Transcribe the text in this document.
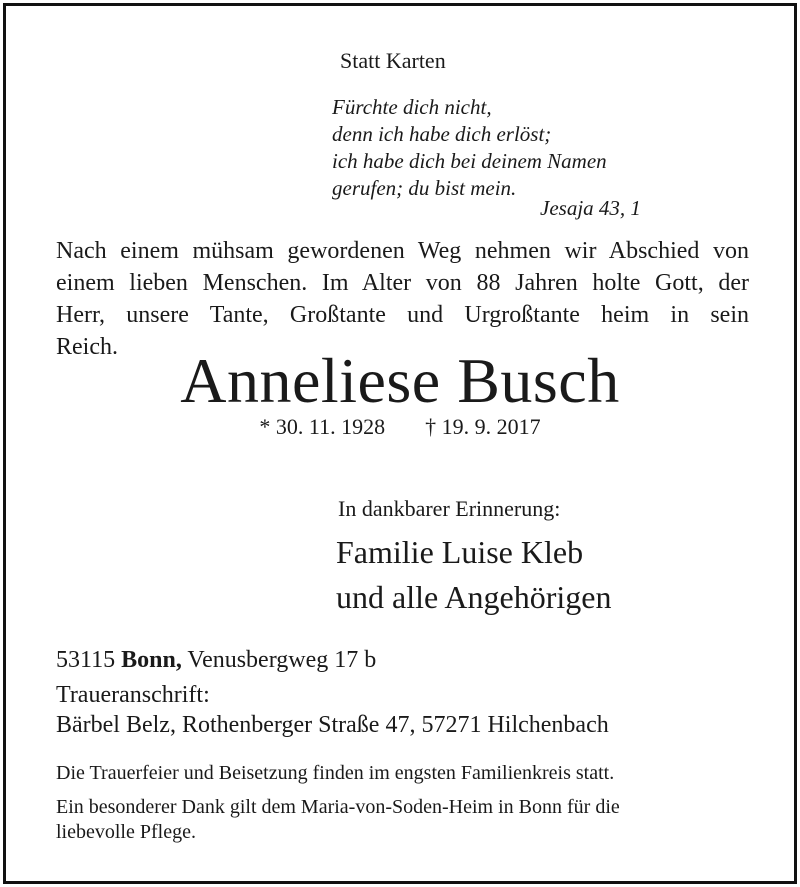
Statt Karten
Fürchte dich nicht,
denn ich habe dich erlöst;
ich habe dich bei deinem Namen
gerufen; du bist mein.
Jesaja 43, 1
Nach einem mühsam gewordenen Weg nehmen wir Abschied von
einem lieben Menschen. Im Alter von 88 Jahren holte Gott, der
Herr, unsere Tante, Großtante und Urgroßtante heim in sein
Reich. Anneliese Busch
* 30. 11. 1928 † 19. 9. 2017
In dankbarer Erinnerung:
Familie Luise Kleb
und alle Angehörigen
53115 Bonn, Venusbergweg 17 b
Traueranschrift:
Bärbel Belz, Rothenberger Straße 47, 57271 Hilchenbach
Die Trauerfeier und Beisetzung finden im engsten Familienkreis statt.
Ein besonderer Dank gilt dem Maria-von-Soden-Heim in Bonn für die
liebevolle Pflege.
